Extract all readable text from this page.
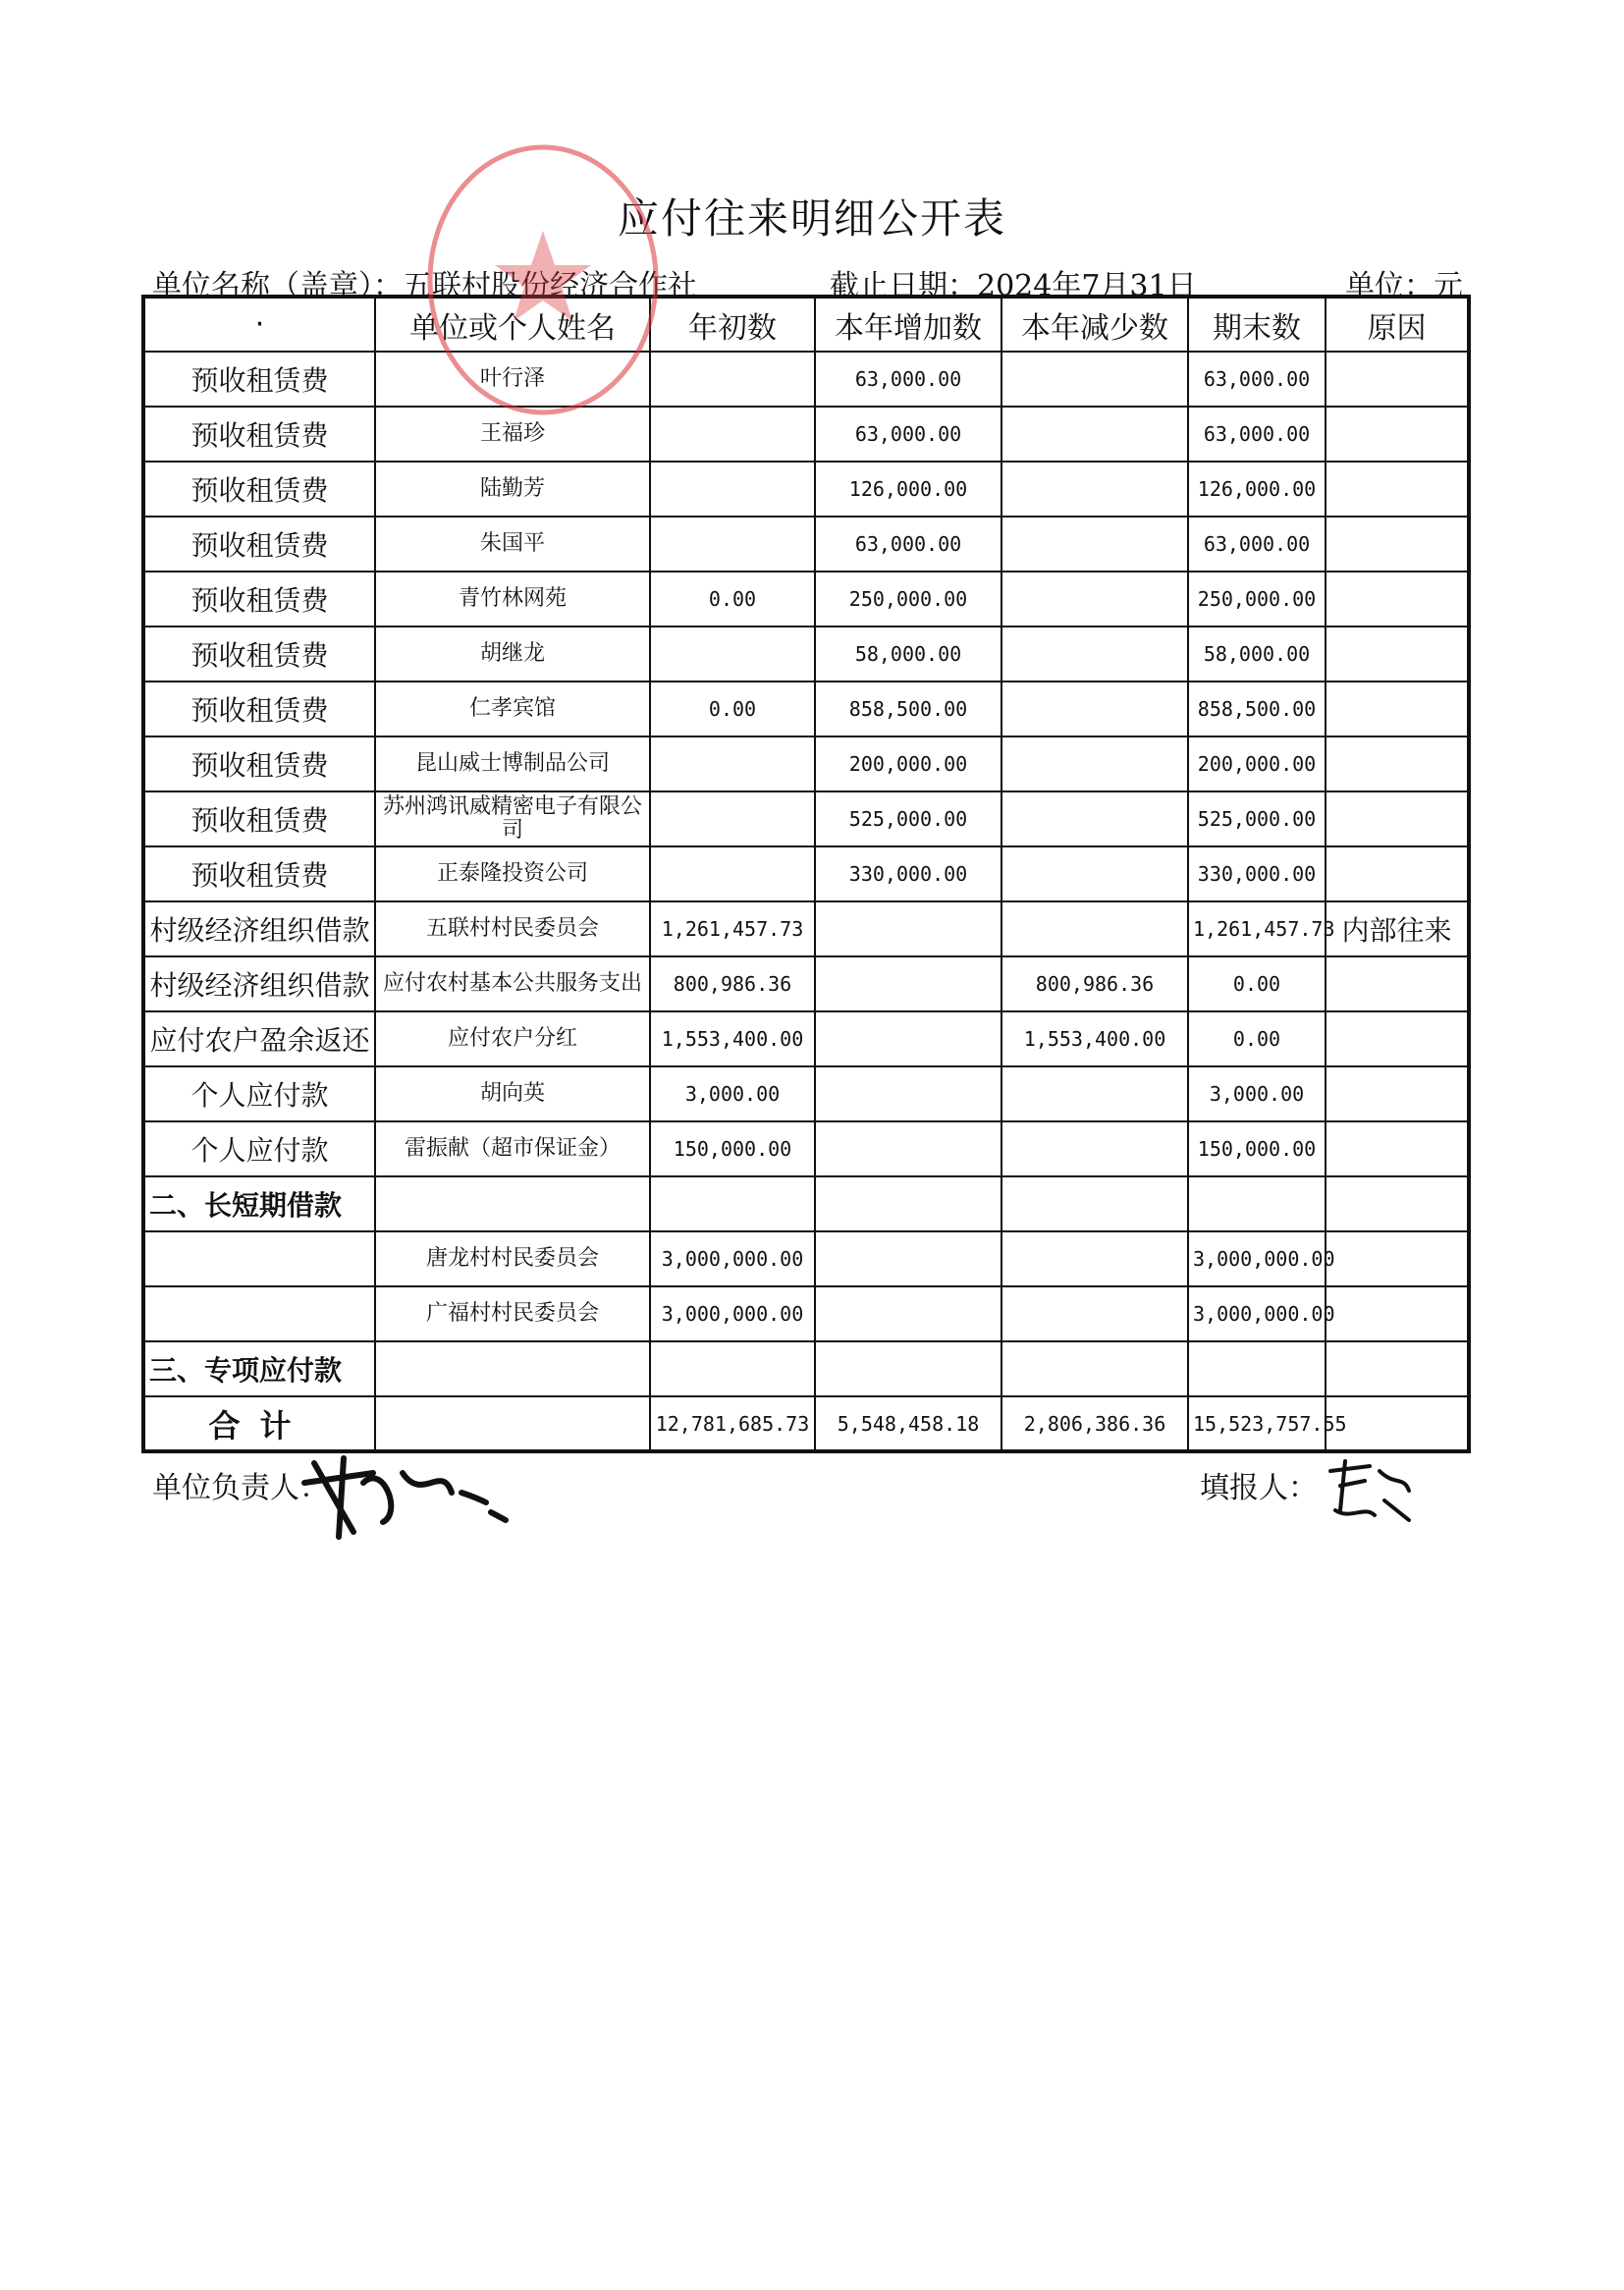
应付往来明细公开表
单位名称（盖章）：五联村股份经济合作社	截止日期：2024年7月31日	单位：元
·	单位或个人姓名	年初数	本年增加数	本年减少数	期末数	原因
预收租赁费	叶行泽		63,000.00		63,000.00	
预收租赁费	王福珍		63,000.00		63,000.00	
预收租赁费	陆勤芳		126,000.00		126,000.00	
预收租赁费	朱国平		63,000.00		63,000.00	
预收租赁费	青竹林网苑	0.00	250,000.00		250,000.00	
预收租赁费	胡继龙		58,000.00		58,000.00	
预收租赁费	仁孝宾馆	0.00	858,500.00		858,500.00	
预收租赁费	昆山威士博制品公司		200,000.00		200,000.00	
预收租赁费	苏州鸿讯威精密电子有限公司		525,000.00		525,000.00	
预收租赁费	正泰隆投资公司		330,000.00		330,000.00	
村级经济组织借款	五联村村民委员会	1,261,457.73			1,261,457.73	内部往来
村级经济组织借款	应付农村基本公共服务支出	800,986.36		800,986.36	0.00	
应付农户盈余返还	应付农户分红	1,553,400.00		1,553,400.00	0.00	
个人应付款	胡向英	3,000.00			3,000.00	
个人应付款	雷振献（超市保证金）	150,000.00			150,000.00	
二、长短期借款						
	唐龙村村民委员会	3,000,000.00			3,000,000.00	
	广福村村民委员会	3,000,000.00			3,000,000.00	
三、专项应付款						
合计		12,781,685.73	5,548,458.18	2,806,386.36	15,523,757.55	
单位负责人：	填报人：
